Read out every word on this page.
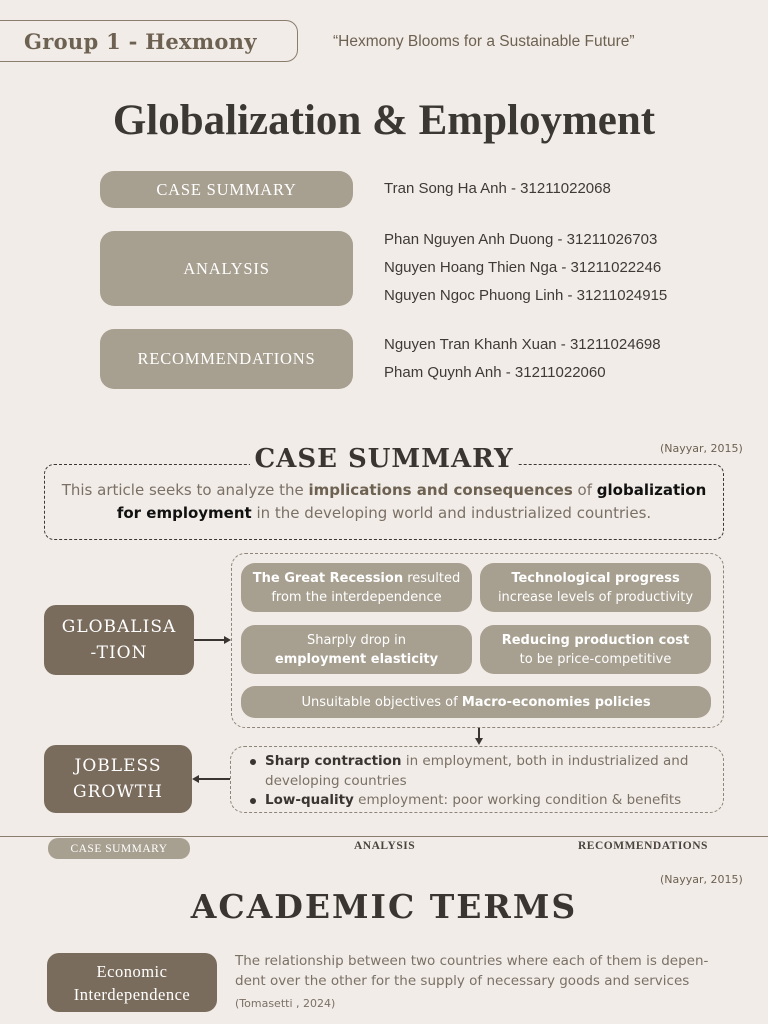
Group 1 - Hexmony	“Hexmony Blooms for a Sustainable Future”
Globalization & Employment
CASE SUMMARY	Tran Song Ha Anh - 31211022068
ANALYSIS
Phan Nguyen Anh Duong - 31211026703
Nguyen Hoang Thien Nga - 31211022246
Nguyen Ngoc Phuong Linh - 31211024915
RECOMMENDATIONS
Nguyen Tran Khanh Xuan - 31211024698
Pham Quynh Anh - 31211022060
(Nayyar, 2015)
CASE SUMMARY
This article seeks to analyze the implications and consequences of globalization for employment in the developing world and industrialized countries.
GLOBALISA
-TION
The Great Recession resulted
from the interdependence
Technological progress
increase levels of productivity
Sharply drop in
employment elasticity
Reducing production cost
to be price-competitive
Unsuitable objectives of Macro-economies policies
JOBLESS
GROWTH
Sharp contraction in employment, both in industrialized and developing countries
Low-quality employment: poor working condition & benefits
CASE SUMMARY	ANALYSIS	RECOMMENDATIONS
(Nayyar, 2015)
ACADEMIC TERMS
Economic
Interdependence
The relationship between two countries where each of them is depen-
dent over the other for the supply of necessary goods and services
(Tomasetti , 2024)
